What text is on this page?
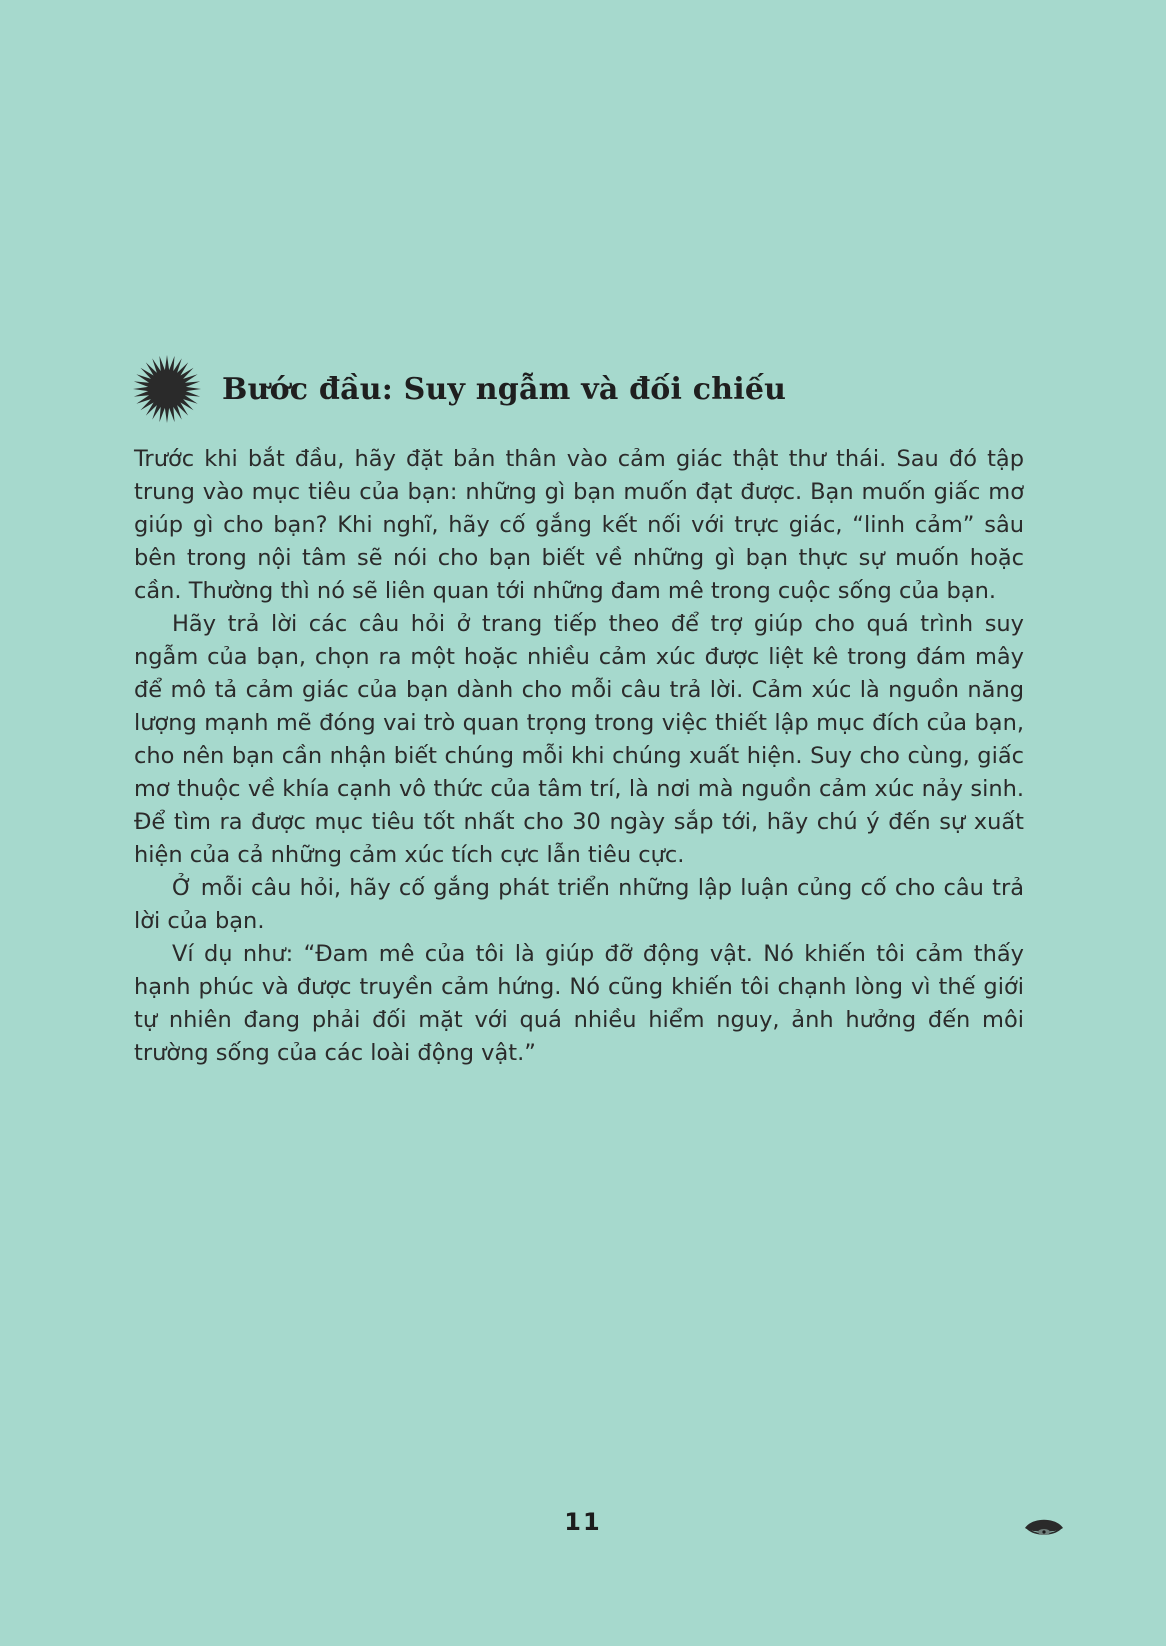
Bước đầu: Suy ngẫm và đối chiếu

Trước khi bắt đầu, hãy đặt bản thân vào cảm giác thật thư thái. Sau đó tập trung vào mục tiêu của bạn: những gì bạn muốn đạt được. Bạn muốn giấc mơ giúp gì cho bạn? Khi nghĩ, hãy cố gắng kết nối với trực giác, “linh cảm” sâu bên trong nội tâm sẽ nói cho bạn biết về những gì bạn thực sự muốn hoặc cần. Thường thì nó sẽ liên quan tới những đam mê trong cuộc sống của bạn.

Hãy trả lời các câu hỏi ở trang tiếp theo để trợ giúp cho quá trình suy ngẫm của bạn, chọn ra một hoặc nhiều cảm xúc được liệt kê trong đám mây để mô tả cảm giác của bạn dành cho mỗi câu trả lời. Cảm xúc là nguồn năng lượng mạnh mẽ đóng vai trò quan trọng trong việc thiết lập mục đích của bạn, cho nên bạn cần nhận biết chúng mỗi khi chúng xuất hiện. Suy cho cùng, giấc mơ thuộc về khía cạnh vô thức của tâm trí, là nơi mà nguồn cảm xúc nảy sinh. Để tìm ra được mục tiêu tốt nhất cho 30 ngày sắp tới, hãy chú ý đến sự xuất hiện của cả những cảm xúc tích cực lẫn tiêu cực.

Ở mỗi câu hỏi, hãy cố gắng phát triển những lập luận củng cố cho câu trả lời của bạn.

Ví dụ như: “Đam mê của tôi là giúp đỡ động vật. Nó khiến tôi cảm thấy hạnh phúc và được truyền cảm hứng. Nó cũng khiến tôi chạnh lòng vì thế giới tự nhiên đang phải đối mặt với quá nhiều hiểm nguy, ảnh hưởng đến môi trường sống của các loài động vật.”

11
